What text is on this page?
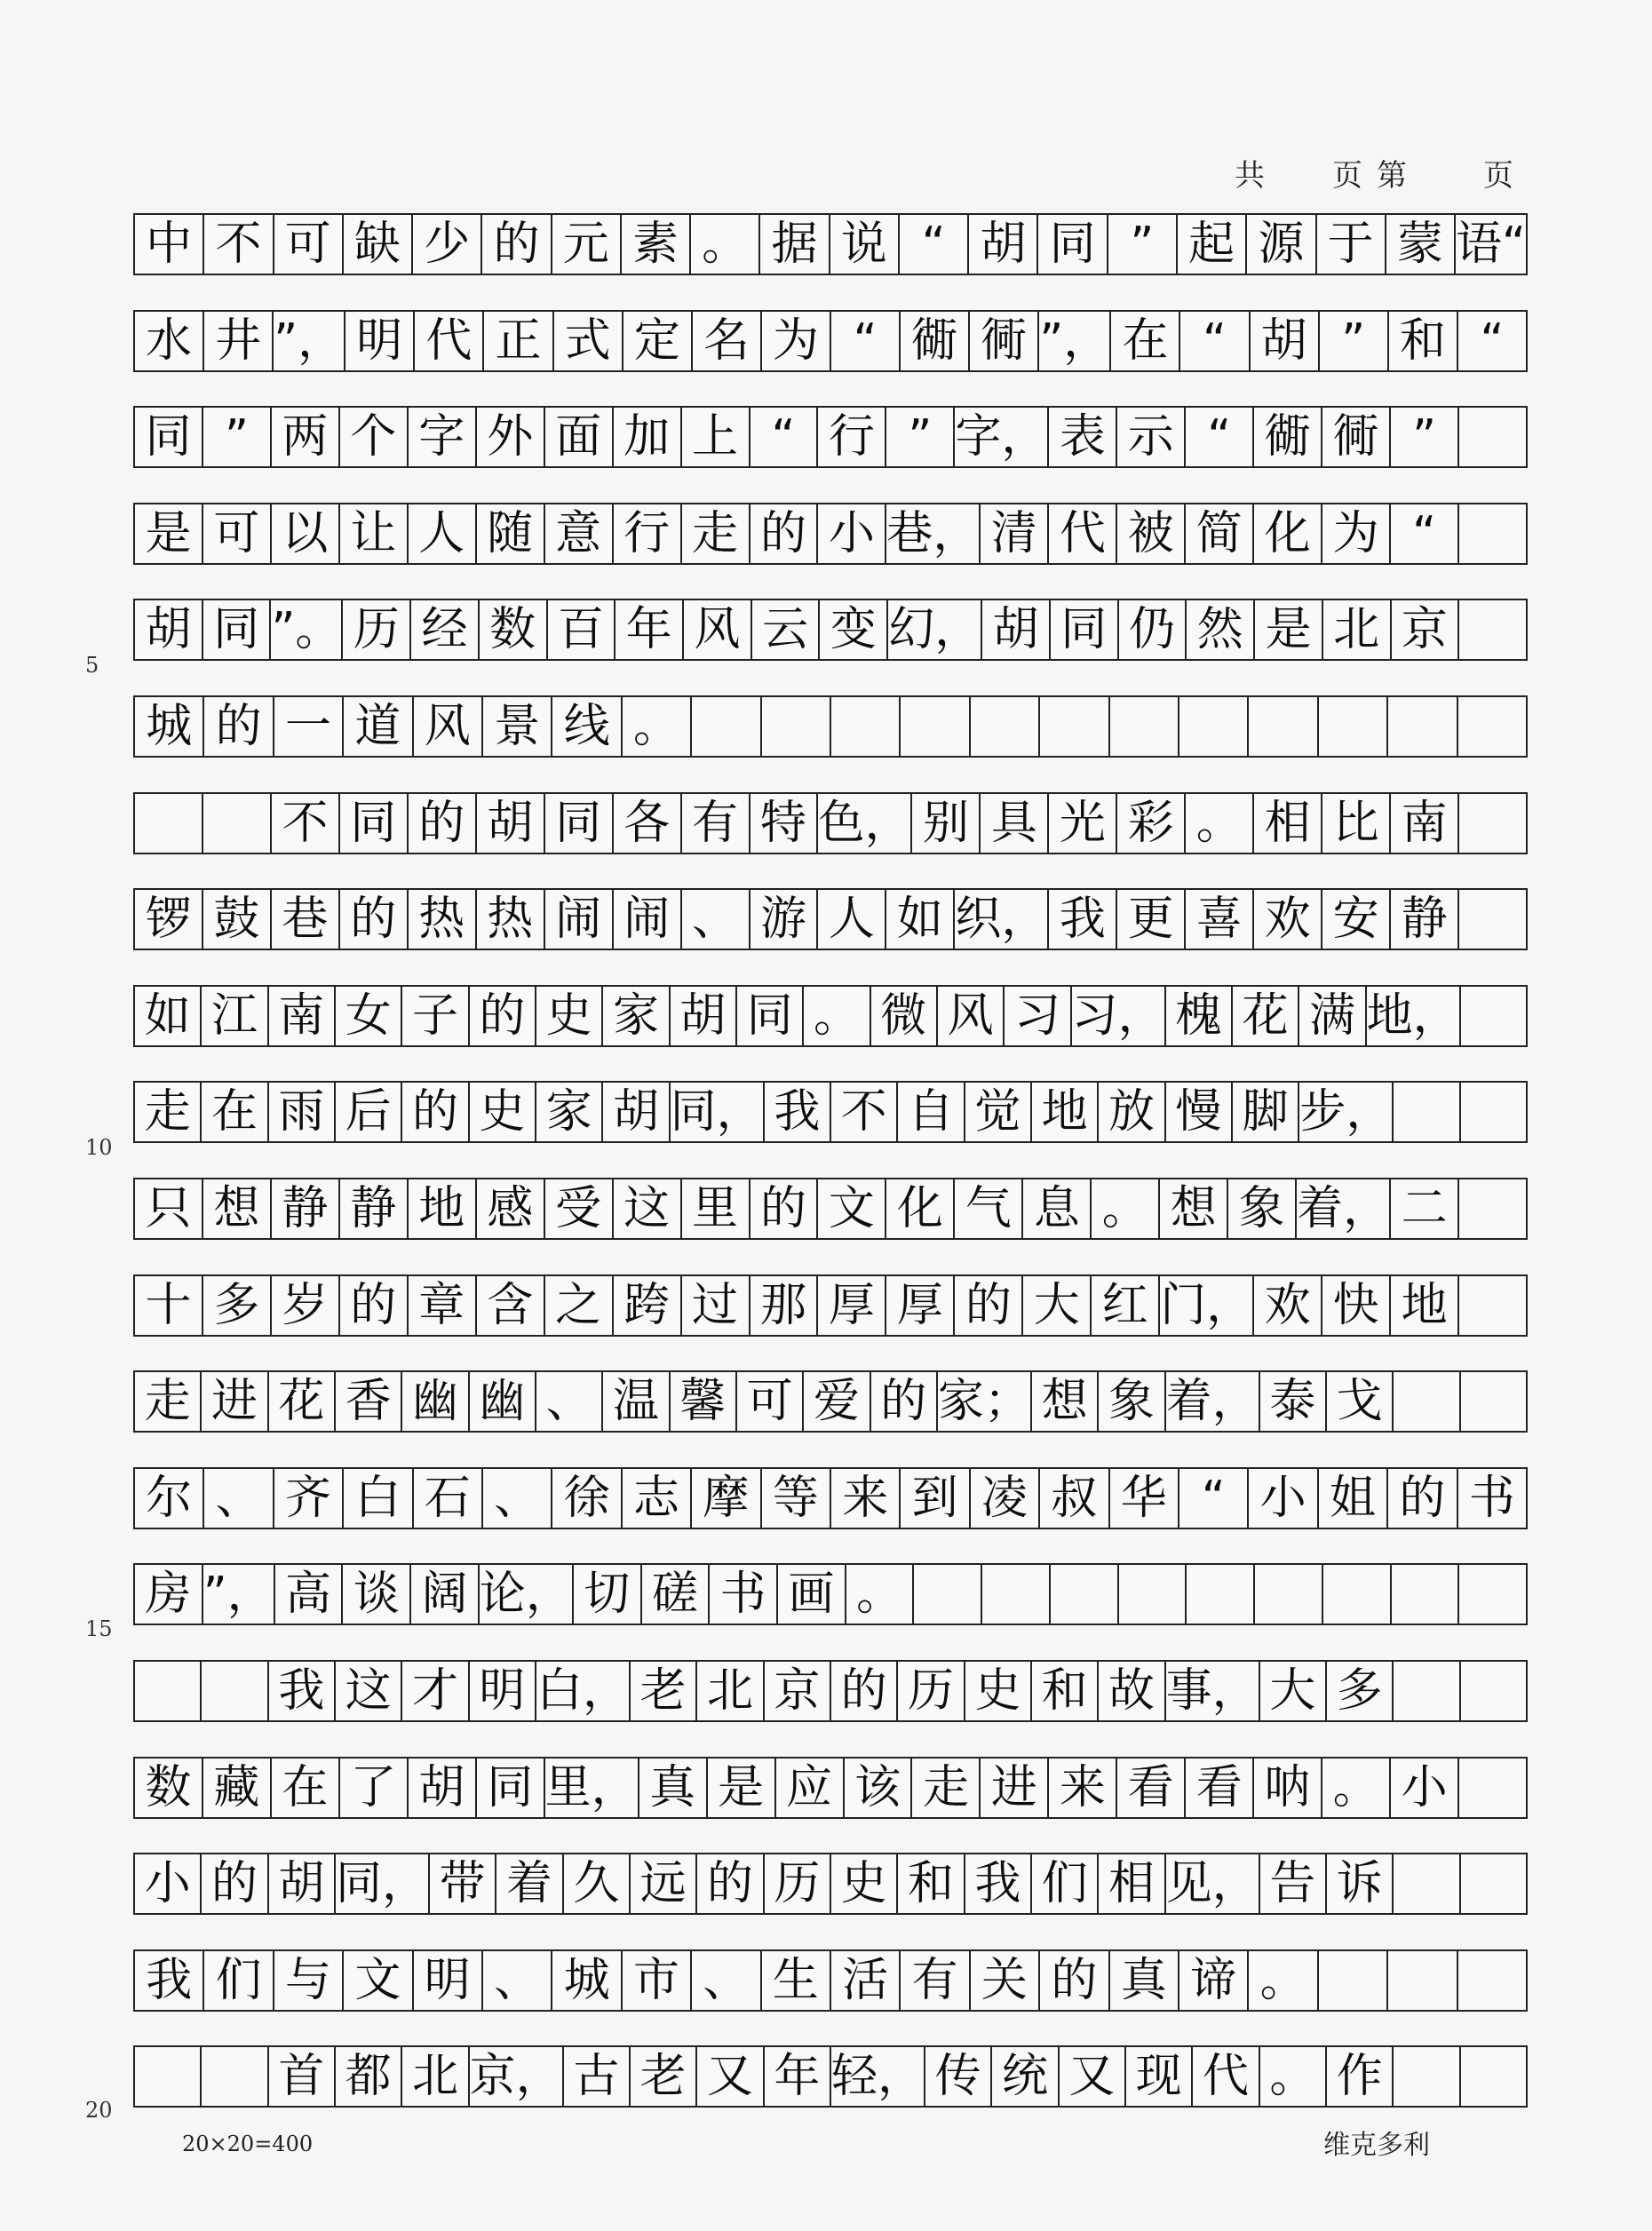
共 页 第	页
中 不 可 缺 少 的 元 素 。 据 说 “ 胡 同 ” 起 源 于 蒙 语“
水 井 ”， 明 代 正 式 定 名 为 “ 衚 衕 ”， 在 “ 胡 ” 和 “
同 ” 两 个 字 外 面 加 上 “ 行 ” 字， 表 示 “ 衚 衕 ”
是 可 以 让 人 随 意 行 走 的 小 巷， 清 代 被 简 化 为 “
胡 同 ”。 历 经 数 百 年 风 云 变 幻， 胡 同 仍 然 是 北 京
城 的 一 道 风 景 线 。
不 同 的 胡 同 各 有 特 色， 别 具 光 彩 。 相 比 南
锣 鼓 巷 的 热 热 闹 闹 、 游 人 如 织， 我 更 喜 欢 安 静
如 江 南 女 子 的 史 家 胡 同 。 微 风 习 习， 槐 花 满 地，
走 在 雨 后 的 史 家 胡 同， 我 不 自 觉 地 放 慢 脚 步，
只 想 静 静 地 感 受 这 里 的 文 化 气 息 。 想 象 着， 二
十 多 岁 的 章 含 之 跨 过 那 厚 厚 的 大 红 门， 欢 快 地
走 进 花 香 幽 幽 、 温 馨 可 爱 的 家； 想 象 着， 泰 戈
尔 、 齐 白 石 、 徐 志 摩 等 来 到 凌 叔 华 “ 小 姐 的 书
房 ”， 高 谈 阔 论， 切 磋 书 画 。
我 这 才 明 白， 老 北 京 的 历 史 和 故 事， 大 多
数 藏 在 了 胡 同 里， 真 是 应 该 走 进 来 看 看 呐 。 小
小 的 胡 同， 带 着 久 远 的 历 史 和 我 们 相 见， 告 诉
我 们 与 文 明 、 城 市 、 生 活 有 关 的 真 谛 。
首 都 北 京， 古 老 又 年 轻， 传 统 又 现 代 。 作
5
10
15
20
20×20=400	维克多利
